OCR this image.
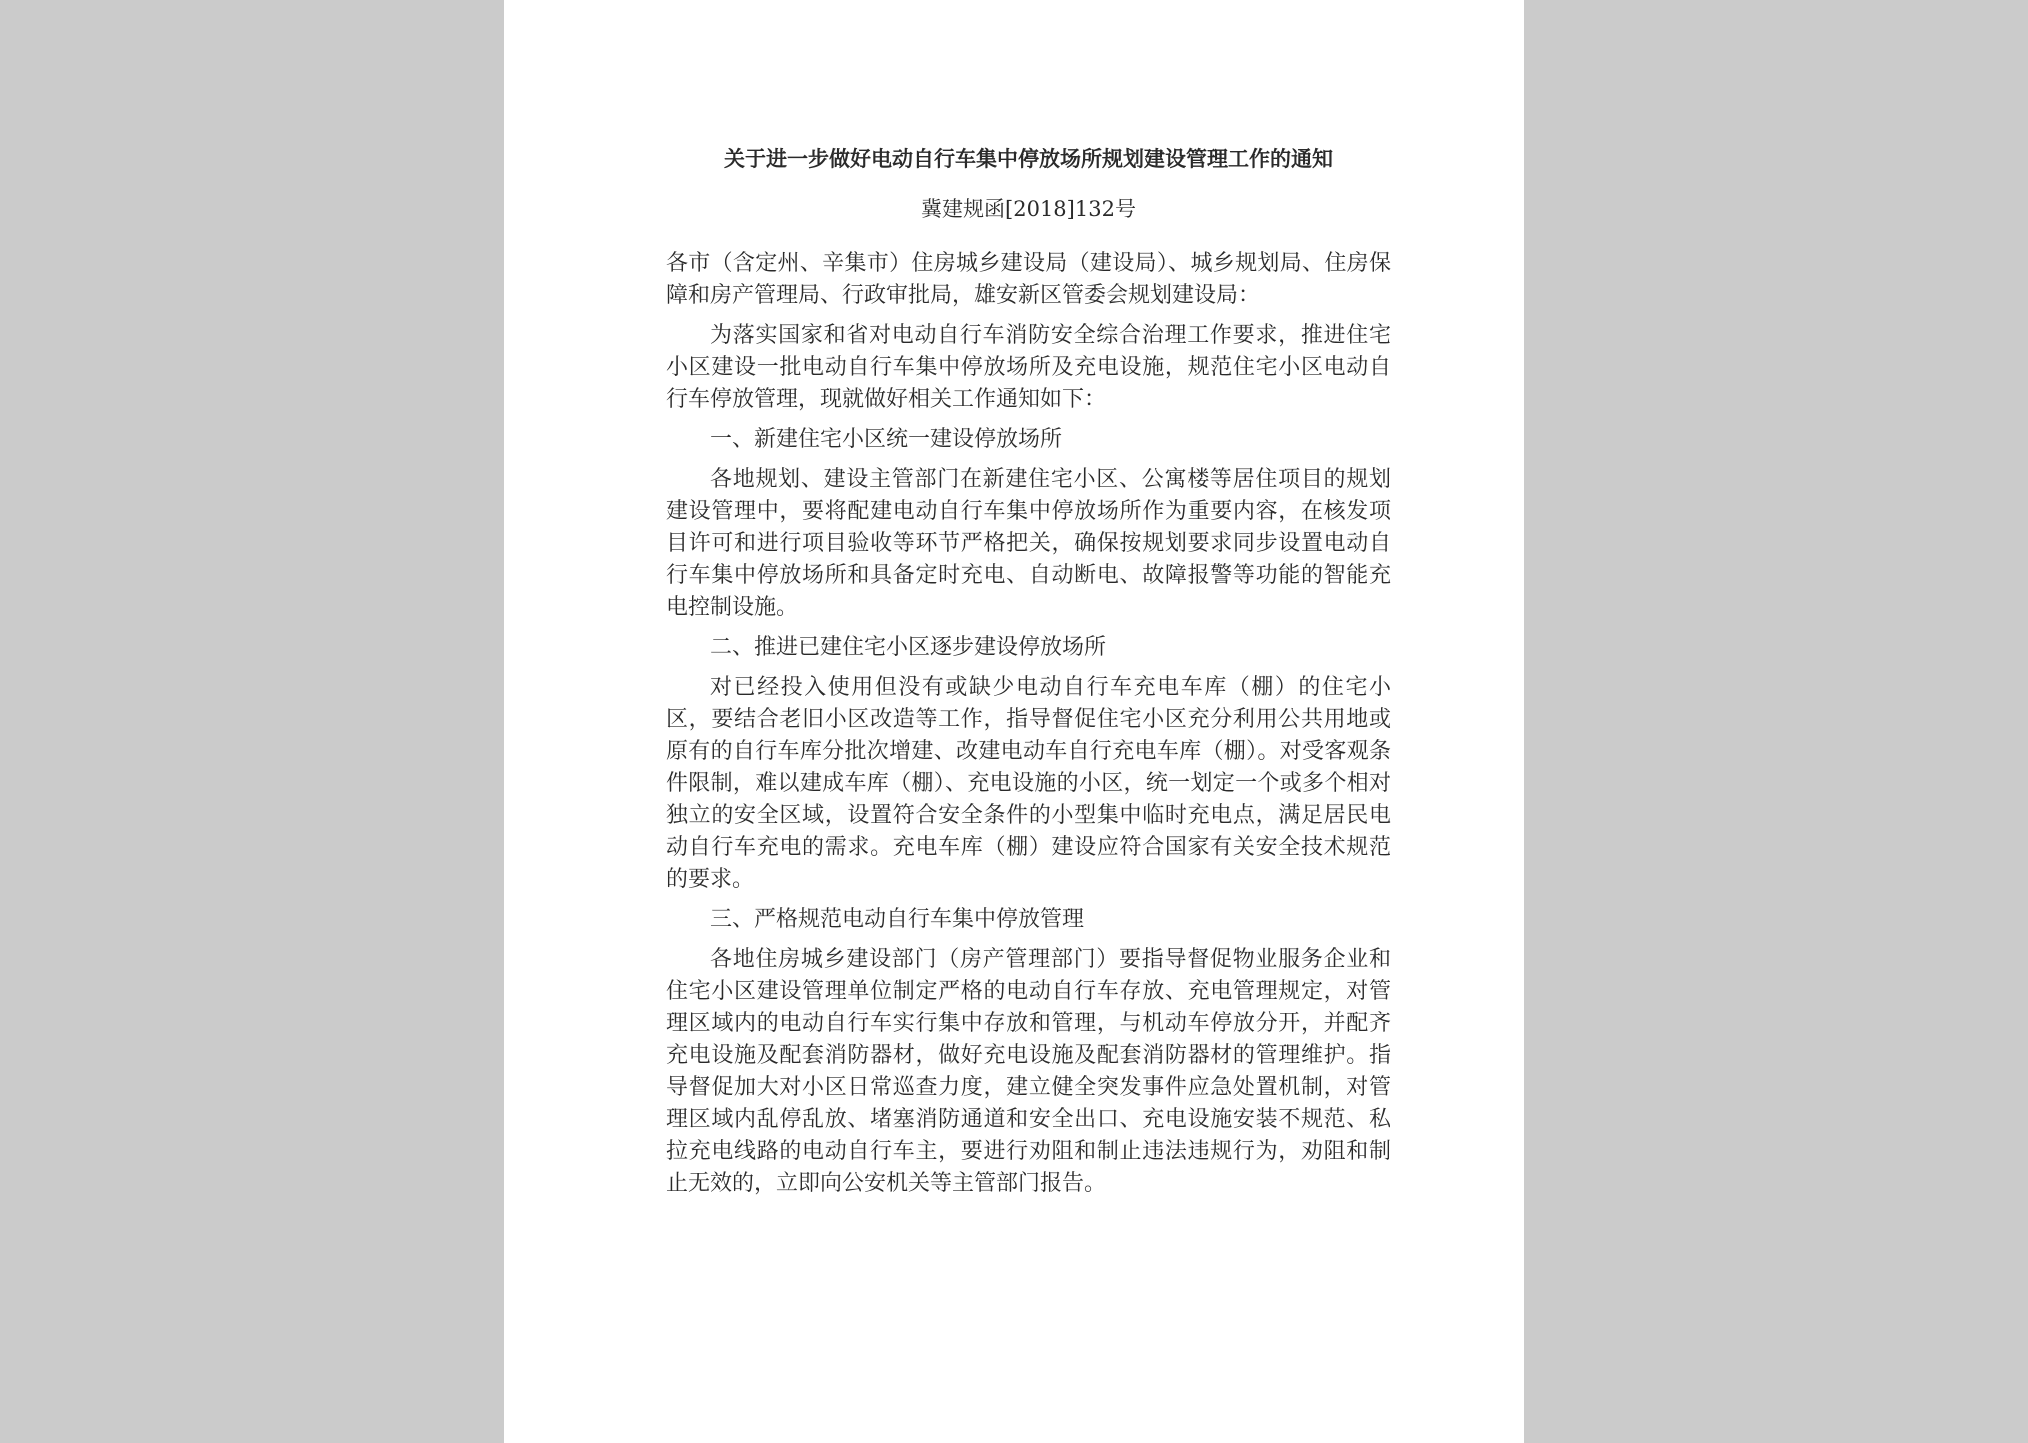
关于进一步做好电动自行车集中停放场所规划建设管理工作的通知
冀建规函[2018]132号

各市（含定州、辛集市）住房城乡建设局（建设局）、城乡规划局、住房保障和房产管理局、行政审批局，雄安新区管委会规划建设局：

为落实国家和省对电动自行车消防安全综合治理工作要求，推进住宅小区建设一批电动自行车集中停放场所及充电设施，规范住宅小区电动自行车停放管理，现就做好相关工作通知如下：

一、新建住宅小区统一建设停放场所

各地规划、建设主管部门在新建住宅小区、公寓楼等居住项目的规划建设管理中，要将配建电动自行车集中停放场所作为重要内容，在核发项目许可和进行项目验收等环节严格把关，确保按规划要求同步设置电动自行车集中停放场所和具备定时充电、自动断电、故障报警等功能的智能充电控制设施。

二、推进已建住宅小区逐步建设停放场所

对已经投入使用但没有或缺少电动自行车充电车库（棚）的住宅小区，要结合老旧小区改造等工作，指导督促住宅小区充分利用公共用地或原有的自行车库分批次增建、改建电动车自行充电车库（棚）。对受客观条件限制，难以建成车库（棚）、充电设施的小区，统一划定一个或多个相对独立的安全区域，设置符合安全条件的小型集中临时充电点，满足居民电动自行车充电的需求。充电车库（棚）建设应符合国家有关安全技术规范的要求。

三、严格规范电动自行车集中停放管理

各地住房城乡建设部门（房产管理部门）要指导督促物业服务企业和住宅小区建设管理单位制定严格的电动自行车存放、充电管理规定，对管理区域内的电动自行车实行集中存放和管理，与机动车停放分开，并配齐充电设施及配套消防器材，做好充电设施及配套消防器材的管理维护。指导督促加大对小区日常巡查力度，建立健全突发事件应急处置机制，对管理区域内乱停乱放、堵塞消防通道和安全出口、充电设施安装不规范、私拉充电线路的电动自行车主，要进行劝阻和制止违法违规行为，劝阻和制止无效的，立即向公安机关等主管部门报告。
